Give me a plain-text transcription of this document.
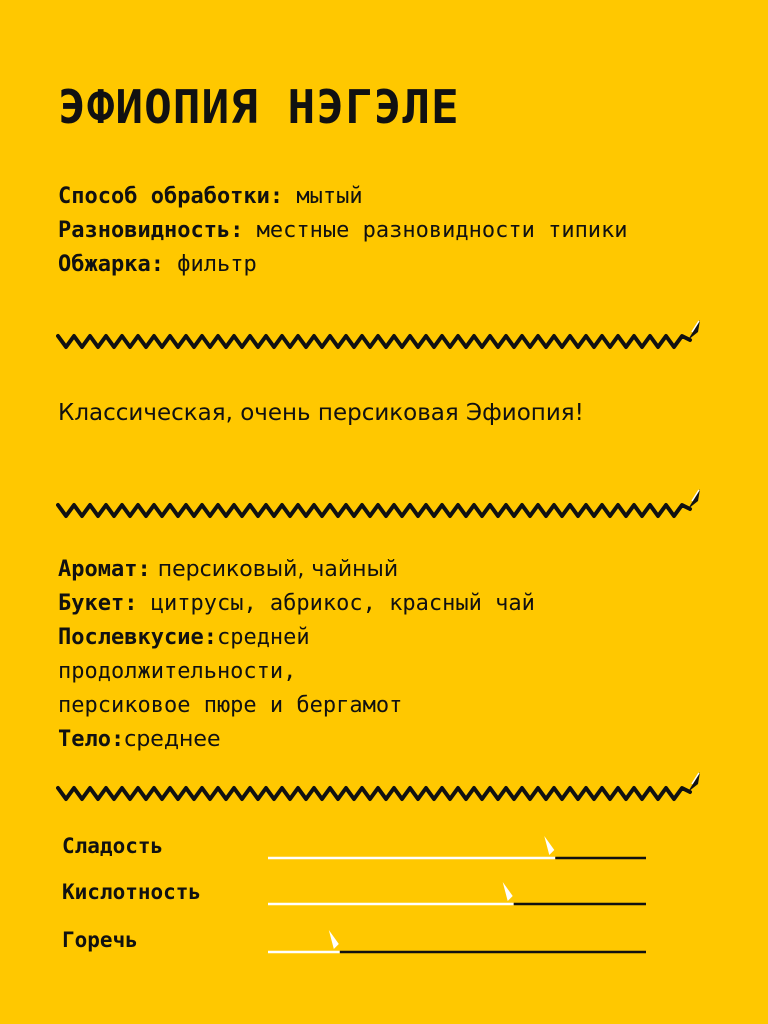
ЭФИОПИЯ НЭГЭЛЕ
Способ обработки: мытый
Разновидность: местные разновидности типики
Обжарка: фильтр
Классическая, очень персиковая Эфиопия!
Аромат: персиковый, чайный
Букет: цитрусы, абрикос, красный чай
Послевкусие:средней
продолжительности,
персиковое пюре и бергамот
Тело:среднее
Сладость
Кислотность
Горечь
